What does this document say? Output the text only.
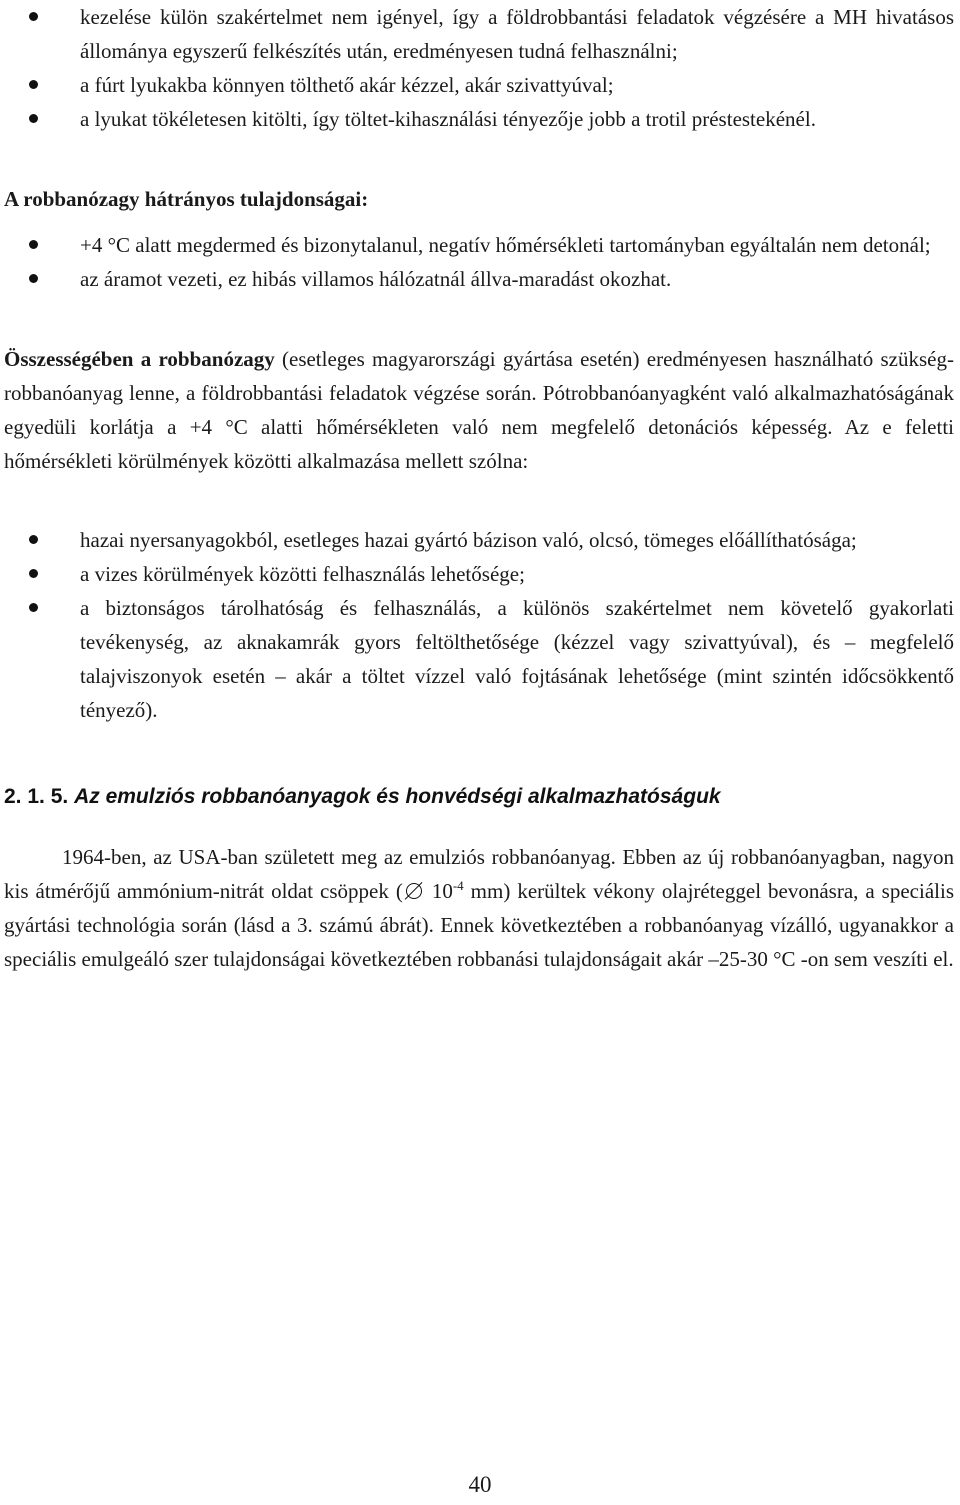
kezelése külön szakértelmet nem igényel, így a földrobbantási feladatok végzésére a MH hivatásos állománya egyszerű felkészítés után, eredményesen tudná felhasználni;
a fúrt lyukakba könnyen tölthető akár kézzel, akár szivattyúval;
a lyukat tökéletesen kitölti, így töltet-kihasználási tényezője jobb a trotil préstestekénél.

A robbanózagy hátrányos tulajdonságai:

+4 °C alatt megdermed és bizonytalanul, negatív hőmérsékleti tartományban egyáltalán nem detonál;
az áramot vezeti, ez hibás villamos hálózatnál állva-maradást okozhat.

Összességében a robbanózagy (esetleges magyarországi gyártása esetén) eredményesen használható szükség-robbanóanyag lenne, a földrobbantási feladatok végzése során. Pótrobbanóanyagként való alkalmazhatóságának egyedüli korlátja a +4 °C alatti hőmérsékleten való nem megfelelő detonációs képesség. Az e feletti hőmérsékleti körülmények közötti alkalmazása mellett szólna:

hazai nyersanyagokból, esetleges hazai gyártó bázison való, olcsó, tömeges előállíthatósága;
a vizes körülmények közötti felhasználás lehetősége;
a biztonságos tárolhatóság és felhasználás, a különös szakértelmet nem követelő gyakorlati tevékenység, az aknakamrák gyors feltölthetősége (kézzel vagy szivattyúval), és – megfelelő talajviszonyok esetén – akár a töltet vízzel való fojtásának lehetősége (mint szintén időcsökkentő tényező).
2. 1. 5. Az emulziós robbanóanyagok és honvédségi alkalmazhatóságuk

1964-ben, az USA-ban született meg az emulziós robbanóanyag. Ebben az új robbanóanyagban, nagyon kis átmérőjű ammónium-nitrát oldat csöppek ( $10^{-4}$ mm) kerültek vékony olajréteggel bevonásra, a speciális gyártási technológia során (lásd a 3. számú ábrát). Ennek következtében a robbanóanyag vízálló, ugyanakkor a speciális emulgeáló szer tulajdonságai következtében robbanási tulajdonságait akár –25-30 °C -on sem veszíti el.

40
